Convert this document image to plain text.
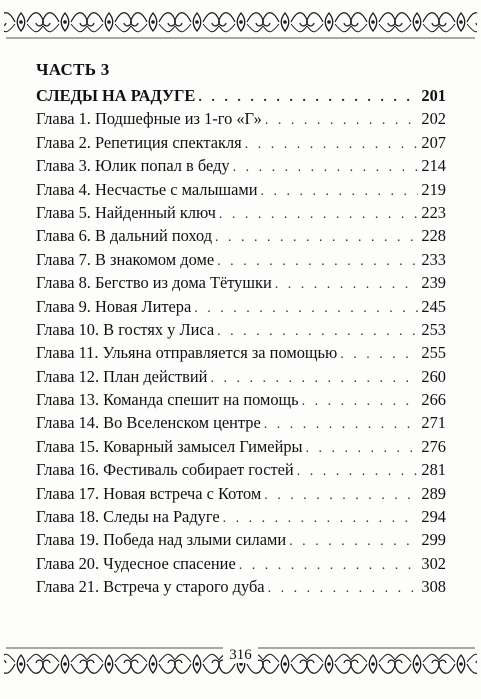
ЧАСТЬ 3
СЛЕДЫ НА РАДУГЕ . . .	201
Глава 1. Подшефные из 1-го «Г» . . .	202
Глава 2. Репетиция спектакля . . .	207
Глава 3. Юлик попал в беду . . .	214
Глава 4. Несчастье с малышами . . .	219
Глава 5. Найденный ключ . . .	223
Глава 6. В дальний поход . . .	228
Глава 7. В знакомом доме . . .	233
Глава 8. Бегство из дома Тётушки . . .	239
Глава 9. Новая Литера . . .	245
Глава 10. В гостях у Лиса . . .	253
Глава 11. Ульяна отправляется за помощью . . .	255
Глава 12. План действий . . .	260
Глава 13. Команда спешит на помощь . . .	266
Глава 14. Во Вселенском центре . . .	271
Глава 15. Коварный замысел Гимейры . . .	276
Глава 16. Фестиваль собирает гостей . . .	281
Глава 17. Новая встреча с Котом . . .	289
Глава 18. Следы на Радуге . . .	294
Глава 19. Победа над злыми силами . . .	299
Глава 20. Чудесное спасение . . .	302
Глава 21. Встреча у старого дуба . . .	308
316
